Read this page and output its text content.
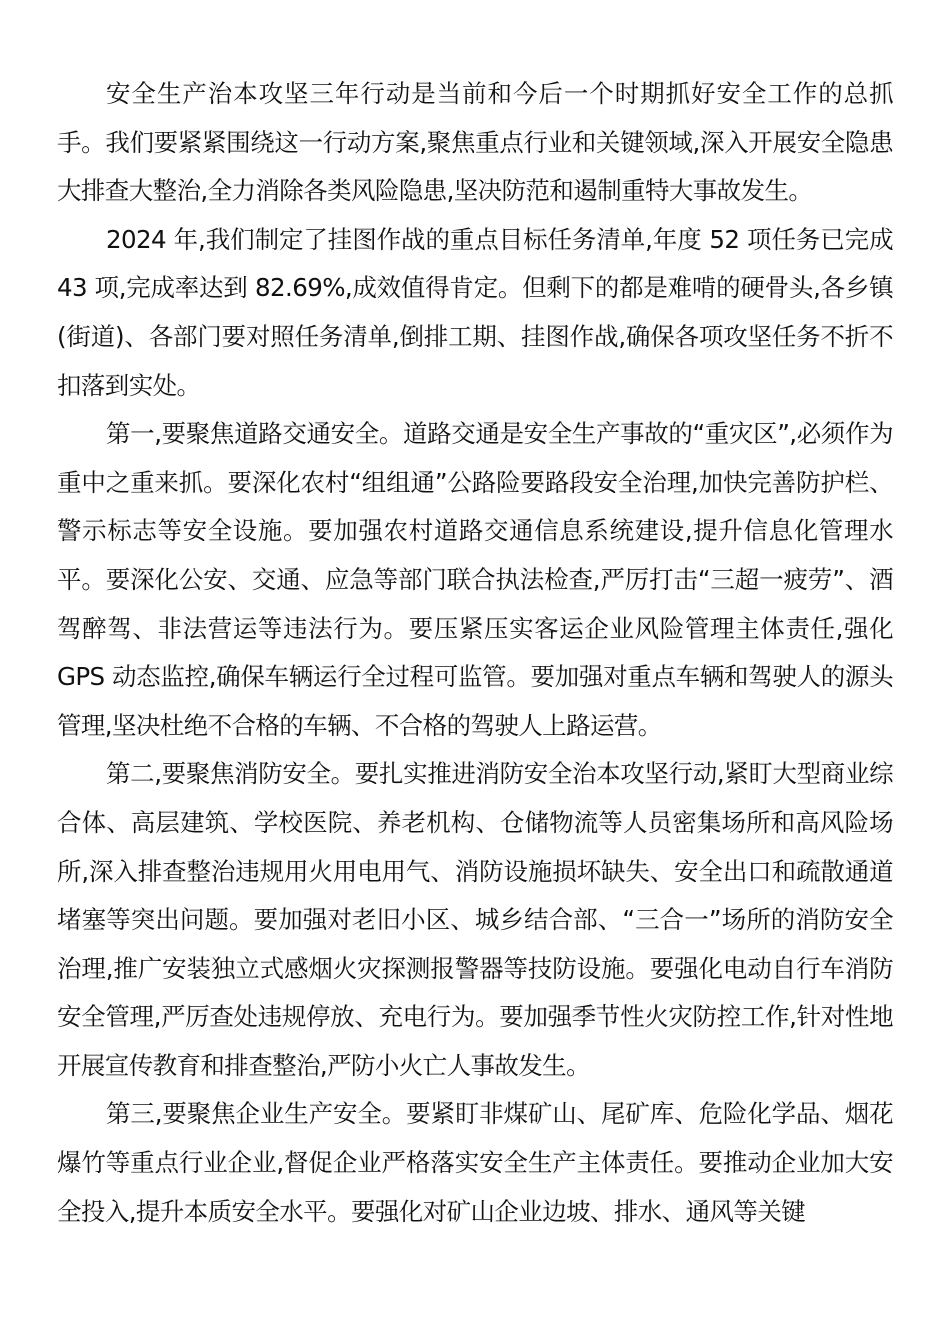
安全生产治本攻坚三年行动是当前和今后一个时期抓好安全工作的总抓手。我们要紧紧围绕这一行动方案,聚焦重点行业和关键领域,深入开展安全隐患大排查大整治,全力消除各类风险隐患,坚决防范和遏制重特大事故发生。

2024 年,我们制定了挂图作战的重点目标任务清单,年度 52 项任务已完成 43 项,完成率达到 82.69%,成效值得肯定。但剩下的都是难啃的硬骨头,各乡镇(街道)、各部门要对照任务清单,倒排工期、挂图作战,确保各项攻坚任务不折不扣落到实处。

第一,要聚焦道路交通安全。道路交通是安全生产事故的“重灾区”,必须作为重中之重来抓。要深化农村“组组通”公路险要路段安全治理,加快完善防护栏、警示标志等安全设施。要加强农村道路交通信息系统建设,提升信息化管理水平。要深化公安、交通、应急等部门联合执法检查,严厉打击“三超一疲劳”、酒驾醉驾、非法营运等违法行为。要压紧压实客运企业风险管理主体责任,强化 GPS 动态监控,确保车辆运行全过程可监管。要加强对重点车辆和驾驶人的源头管理,坚决杜绝不合格的车辆、不合格的驾驶人上路运营。

第二,要聚焦消防安全。要扎实推进消防安全治本攻坚行动,紧盯大型商业综合体、高层建筑、学校医院、养老机构、仓储物流等人员密集场所和高风险场所,深入排查整治违规用火用电用气、消防设施损坏缺失、安全出口和疏散通道堵塞等突出问题。要加强对老旧小区、城乡结合部、“三合一”场所的消防安全治理,推广安装独立式感烟火灾探测报警器等技防设施。要强化电动自行车消防安全管理,严厉查处违规停放、充电行为。要加强季节性火灾防控工作,针对性地开展宣传教育和排查整治,严防小火亡人事故发生。

第三,要聚焦企业生产安全。要紧盯非煤矿山、尾矿库、危险化学品、烟花爆竹等重点行业企业,督促企业严格落实安全生产主体责任。要推动企业加大安全投入,提升本质安全水平。要强化对矿山企业边坡、排水、通风等关键
